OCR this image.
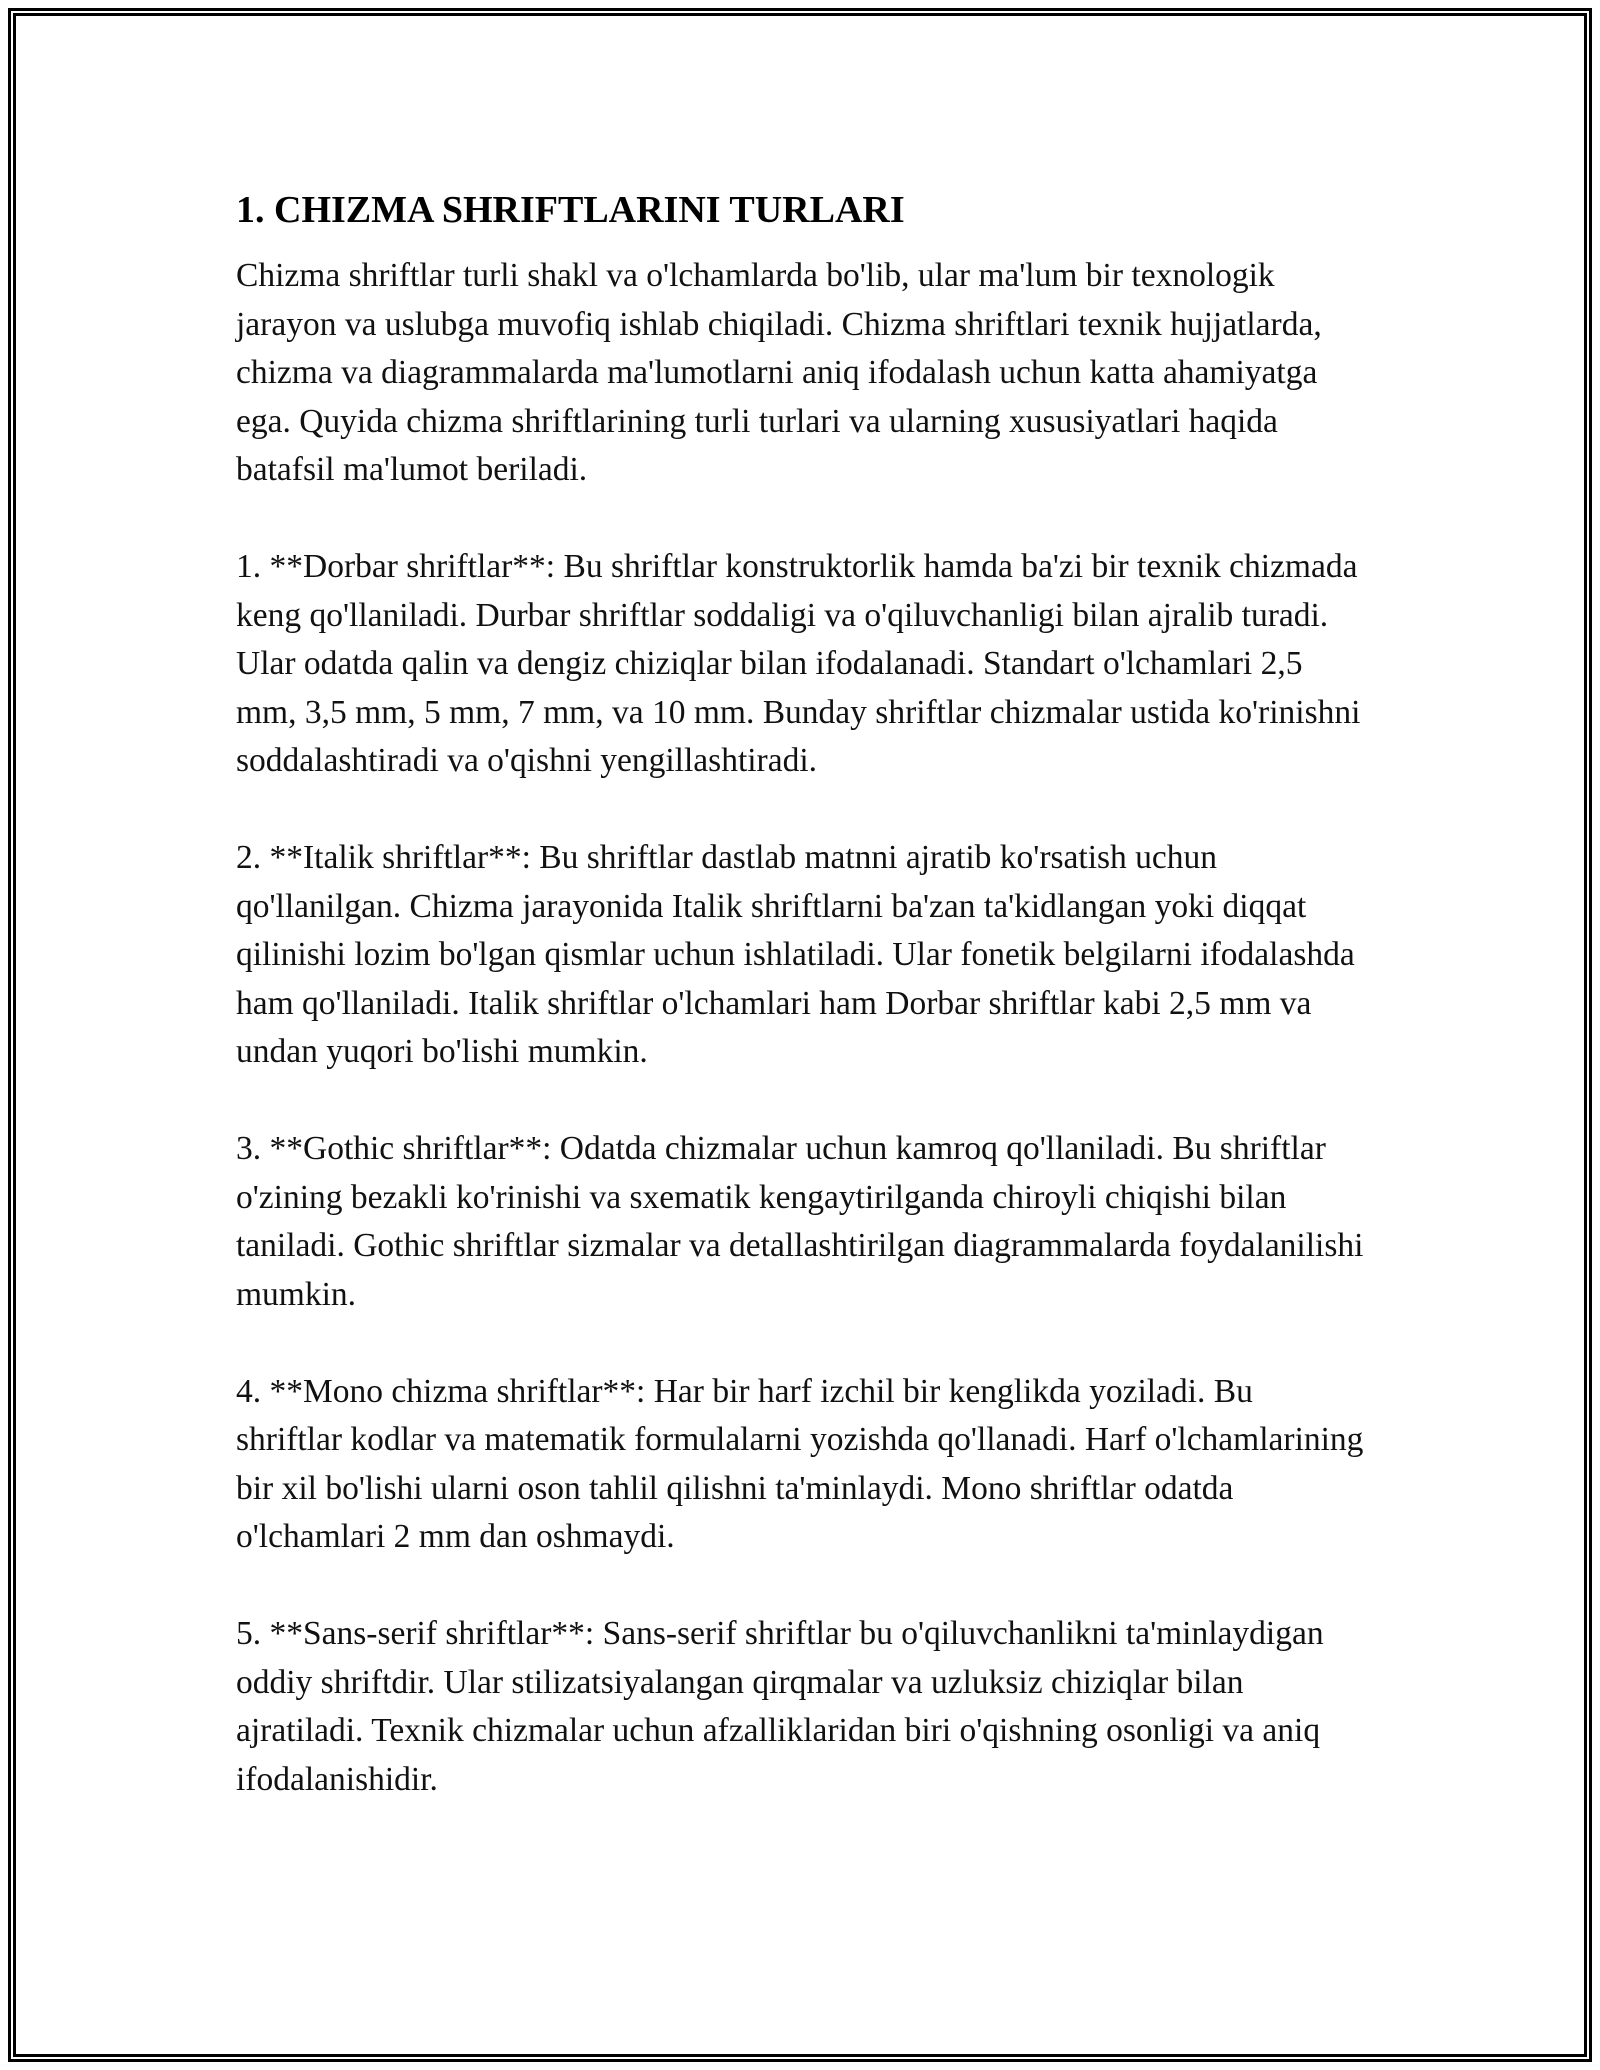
1. CHIZMA SHRIFTLARINI TURLARI

Chizma shriftlar turli shakl va o'lchamlarda bo'lib, ular ma'lum bir texnologik jarayon va uslubga muvofiq ishlab chiqiladi. Chizma shriftlari texnik hujjatlarda, chizma va diagrammalarda ma'lumotlarni aniq ifodalash uchun katta ahamiyatga ega. Quyida chizma shriftlarining turli turlari va ularning xususiyatlari haqida batafsil ma'lumot beriladi.

1. **Dorbar shriftlar**: Bu shriftlar konstruktorlik hamda ba'zi bir texnik chizmada keng qo'llaniladi. Durbar shriftlar soddaligi va o'qiluvchanligi bilan ajralib turadi. Ular odatda qalin va dengiz chiziqlar bilan ifodalanadi. Standart o'lchamlari 2,5 mm, 3,5 mm, 5 mm, 7 mm, va 10 mm. Bunday shriftlar chizmalar ustida ko'rinishni soddalashtiradi va o'qishni yengillashtiradi.

2. **Italik shriftlar**: Bu shriftlar dastlab matnni ajratib ko'rsatish uchun qo'llanilgan. Chizma jarayonida Italik shriftlarni ba'zan ta'kidlangan yoki diqqat qilinishi lozim bo'lgan qismlar uchun ishlatiladi. Ular fonetik belgilarni ifodalashda ham qo'llaniladi. Italik shriftlar o'lchamlari ham Dorbar shriftlar kabi 2,5 mm va undan yuqori bo'lishi mumkin.

3. **Gothic shriftlar**: Odatda chizmalar uchun kamroq qo'llaniladi. Bu shriftlar o'zining bezakli ko'rinishi va sxematik kengaytirilganda chiroyli chiqishi bilan taniladi. Gothic shriftlar sizmalar va detallashtirilgan diagrammalarda foydalanilishi mumkin.

4. **Mono chizma shriftlar**: Har bir harf izchil bir kenglikda yoziladi. Bu shriftlar kodlar va matematik formulalarni yozishda qo'llanadi. Harf o'lchamlarining bir xil bo'lishi ularni oson tahlil qilishni ta'minlaydi. Mono shriftlar odatda o'lchamlari 2 mm dan oshmaydi.

5. **Sans-serif shriftlar**: Sans-serif shriftlar bu o'qiluvchanlikni ta'minlaydigan oddiy shriftdir. Ular stilizatsiyalangan qirqmalar va uzluksiz chiziqlar bilan ajratiladi. Texnik chizmalar uchun afzalliklaridan biri o'qishning osonligi va aniq ifodalanishidir.
